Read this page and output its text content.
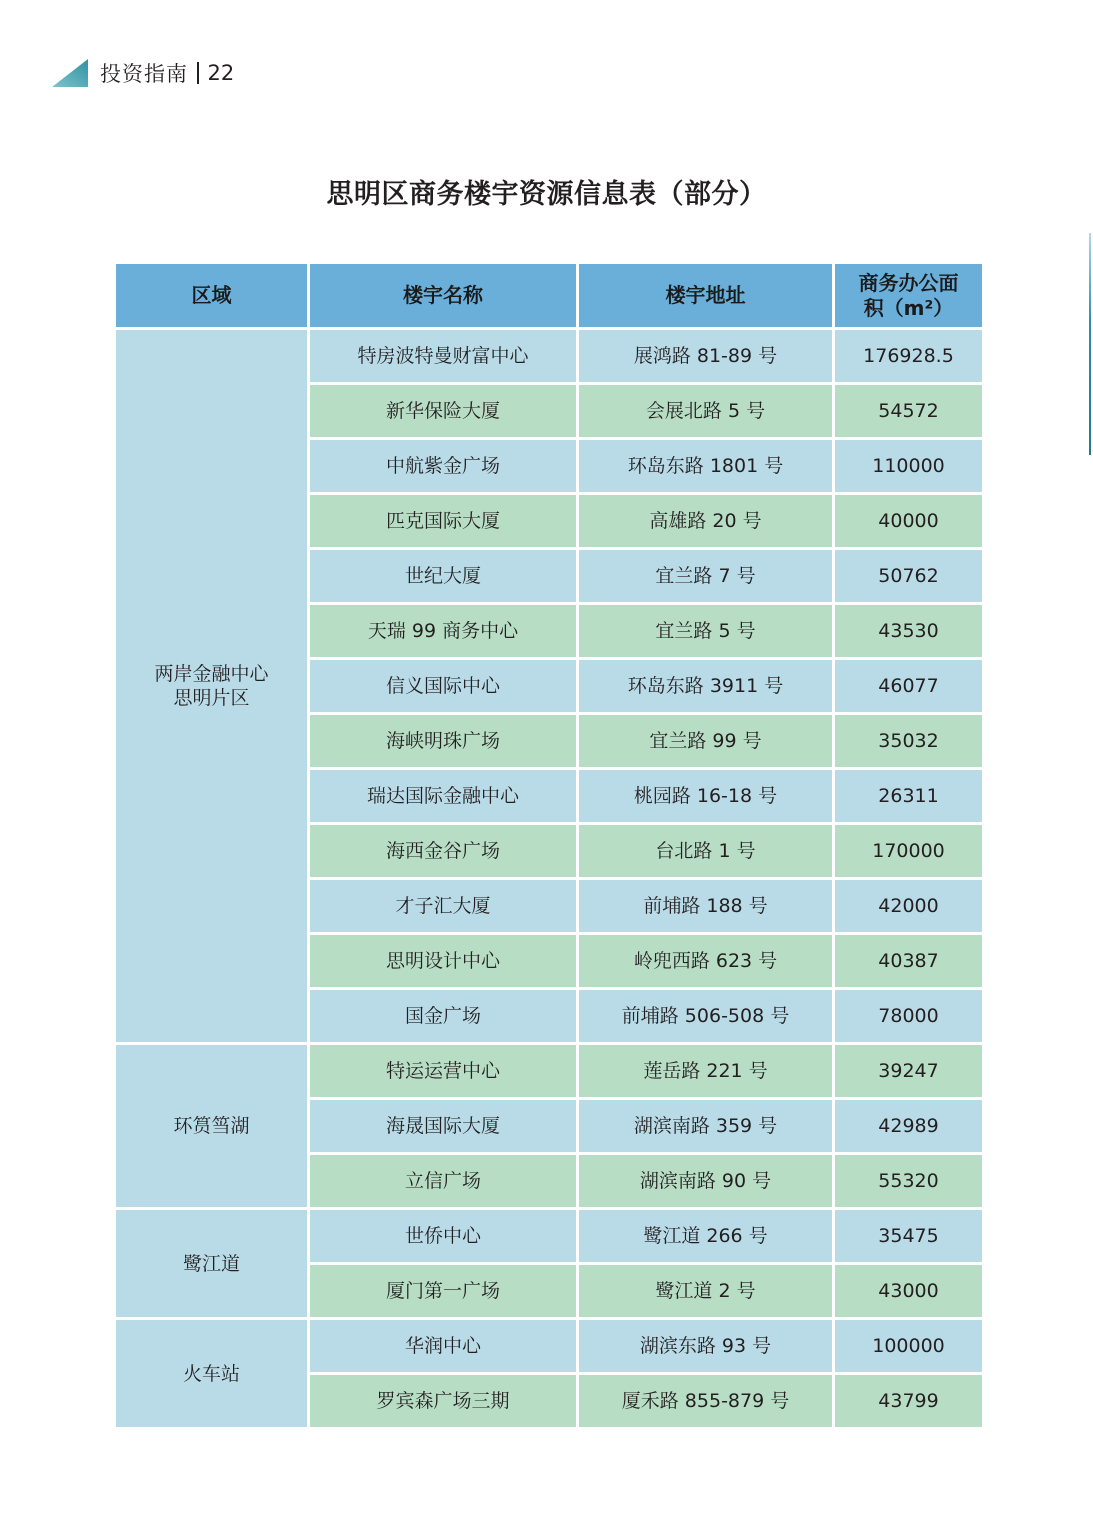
投资指南 22
思明区商务楼宇资源信息表（部分）
区域	楼宇名称	楼宇地址	商务办公面积（m²）

两岸金融中心
思明片区	特房波特曼财富中心	展鸿路 81-89 号	176928.5
	新华保险大厦	会展北路 5 号	54572
	中航紫金广场	环岛东路 1801 号	110000
	匹克国际大厦	高雄路 20 号	40000
	世纪大厦	宜兰路 7 号	50762
	天瑞 99 商务中心	宜兰路 5 号	43530
	信义国际中心	环岛东路 3911 号	46077
	海峡明珠广场	宜兰路 99 号	35032
	瑞达国际金融中心	桃园路 16-18 号	26311
	海西金谷广场	台北路 1 号	170000
	才子汇大厦	前埔路 188 号	42000
	思明设计中心	岭兜西路 623 号	40387
	国金广场	前埔路 506-508 号	78000

环筼筜湖	特运运营中心	莲岳路 221 号	39247
	海晟国际大厦	湖滨南路 359 号	42989
	立信广场	湖滨南路 90 号	55320

鹭江道	世侨中心	鹭江道 266 号	35475
	厦门第一广场	鹭江道 2 号	43000

火车站	华润中心	湖滨东路 93 号	100000
	罗宾森广场三期	厦禾路 855-879 号	43799
